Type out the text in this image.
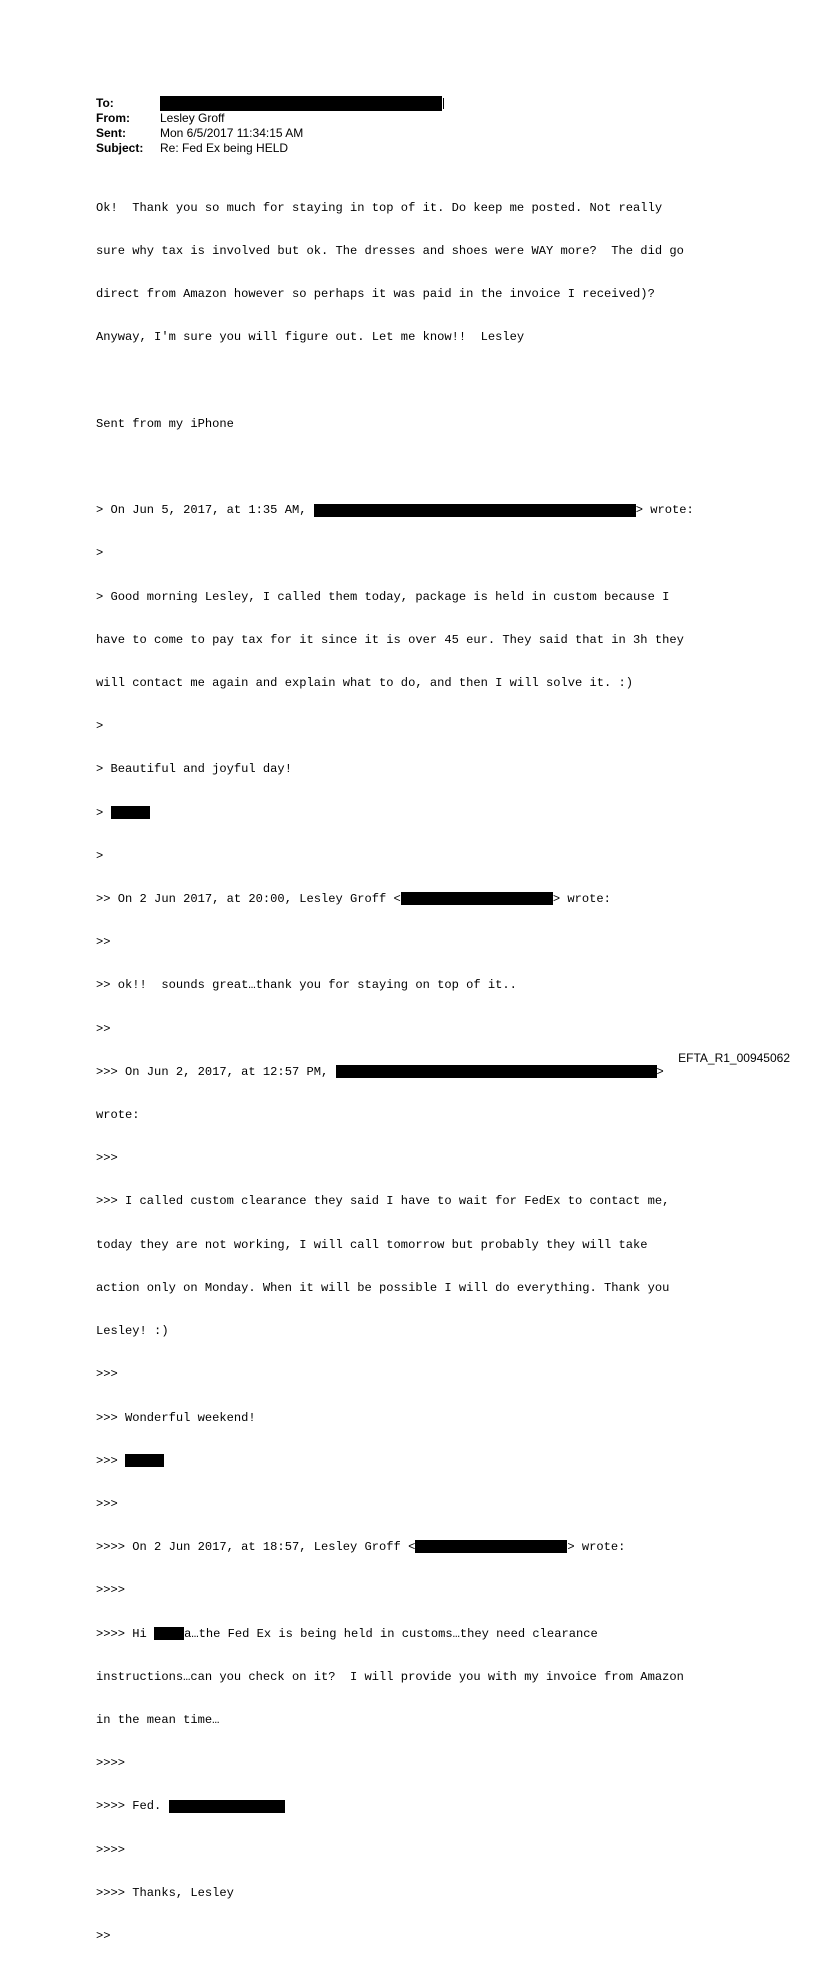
To:
From:	Lesley Groff
Sent:	Mon 6/5/2017 11:34:15 AM
Subject:	Re: Fed Ex being HELD

Ok!  Thank you so much for staying in top of it. Do keep me posted. Not really

sure why tax is involved but ok. The dresses and shoes were WAY more?  The did go

direct from Amazon however so perhaps it was paid in the invoice I received)?

Anyway, I'm sure you will figure out. Let me know!!  Lesley

Sent from my iPhone

> On Jun 5, 2017, at 1:35 AM,	> wrote:

>

> Good morning Lesley, I called them today, package is held in custom because I

have to come to pay tax for it since it is over 45 eur. They said that in 3h they

will contact me again and explain what to do, and then I will solve it. :)

>

> Beautiful and joyful day!

>

>

>> On 2 Jun 2017, at 20:00, Lesley Groff <	> wrote:

>>

>> ok!!  sounds great…thank you for staying on top of it..

>>

>>> On Jun 2, 2017, at 12:57 PM,	>

wrote:

>>>

>>> I called custom clearance they said I have to wait for FedEx to contact me,

today they are not working, I will call tomorrow but probably they will take

action only on Monday. When it will be possible I will do everything. Thank you

Lesley! :)

>>>

>>> Wonderful weekend!

>>>

>>>

>>>> On 2 Jun 2017, at 18:57, Lesley Groff <	> wrote:

>>>>

>>>> Hi a…the Fed Ex is being held in customs…they need clearance

instructions…can you check on it?  I will provide you with my invoice from Amazon

in the mean time…

>>>>

>>>> Fed.

>>>>

>>>> Thanks, Lesley

>>

EFTA_R1_00945062
